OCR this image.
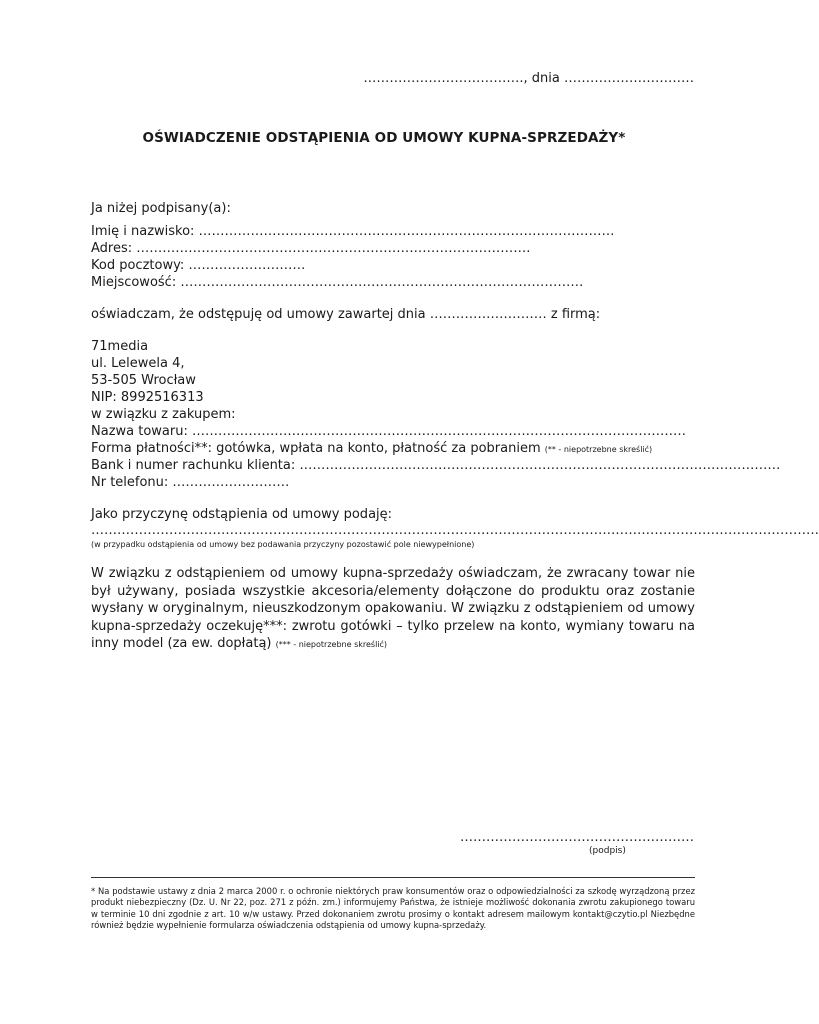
………………………………., dnia …………………………
OŚWIADCZENIE ODSTĄPIENIA OD UMOWY KUPNA-SPRZEDAŻY*
Ja niżej podpisany(a):
Imię i nazwisko: ……………………………………………………………………………………
Adres: ……………………………………………………………………………….
Kod pocztowy: ………………………
Miejscowość: …………………………………………………………………………………
oświadczam, że odstępuję od umowy zawartej dnia ……………………… z firmą:
71media
ul. Lelewela 4,
53-505 Wrocław
NIP: 8992516313
w związku z zakupem:
Nazwa towaru: ……………………………………………………………………………………………………
Forma płatności**: gotówka, wpłata na konto, płatność za pobraniem (** - niepotrzebne skreślić)
Bank i numer rachunku klienta: …………………………………………………………………………………………………
Nr telefonu: ………………………
Jako przyczynę odstąpienia od umowy podaję:
……………………………………………………………………………………………………………………………………………………
(w przypadku odstąpienia od umowy bez podawania przyczyny pozostawić pole niewypełnione)
W związku z odstąpieniem od umowy kupna-sprzedaży oświadczam, że zwracany towar nie był używany, posiada wszystkie akcesoria/elementy dołączone do produktu oraz zostanie wysłany w oryginalnym, nieuszkodzonym opakowaniu. W związku z odstąpieniem od umowy kupna-sprzedaży oczekuję***: zwrotu gotówki – tylko przelew na konto, wymiany towaru na inny model (za ew. dopłatą) (*** - niepotrzebne skreślić)
………………………………………………
(podpis)
* Na podstawie ustawy z dnia 2 marca 2000 r. o ochronie niektórych praw konsumentów oraz o odpowiedzialności za szkodę wyrządzoną przez produkt niebezpieczny (Dz. U. Nr 22, poz. 271 z późn. zm.) informujemy Państwa, że istnieje możliwość dokonania zwrotu zakupionego towaru w terminie 10 dni zgodnie z art. 10 w/w ustawy. Przed dokonaniem zwrotu prosimy o kontakt adresem mailowym kontakt@czytio.pl Niezbędne również będzie wypełnienie formularza oświadczenia odstąpienia od umowy kupna-sprzedaży.
